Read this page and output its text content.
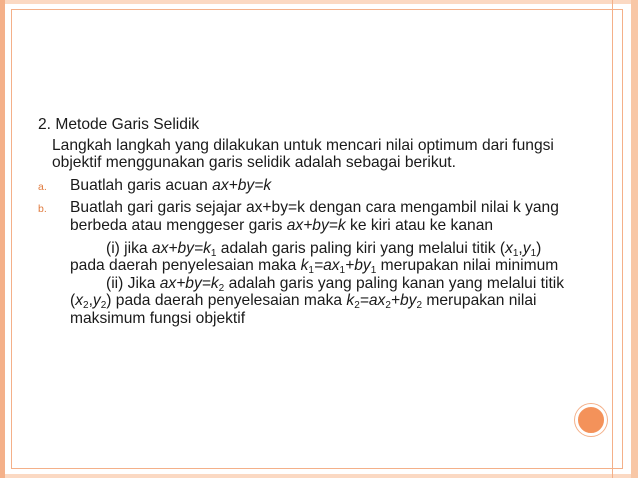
2. Metode Garis Selidik

Langkah langkah yang dilakukan untuk mencari nilai optimum dari fungsi objektif menggunakan garis selidik adalah sebagai berikut.

a. Buatlah garis acuan ax+by=k
b. Buatlah gari garis sejajar ax+by=k dengan cara mengambil nilai k yang berbeda atau menggeser garis ax+by=k ke kiri atau ke kanan

(i) jika $ax+by=k_1$ adalah garis paling kiri yang melalui titik $(x_1,y_1)$ pada daerah penyelesaian maka $k_1=ax_1+by_1$ merupakan nilai minimum

(ii) Jika $ax+by=k_2$ adalah garis yang paling kanan yang melalui titik $(x_2,y_2)$ pada daerah penyelesaian maka $k_2=ax_2+by_2$ merupakan nilai maksimum fungsi objektif
